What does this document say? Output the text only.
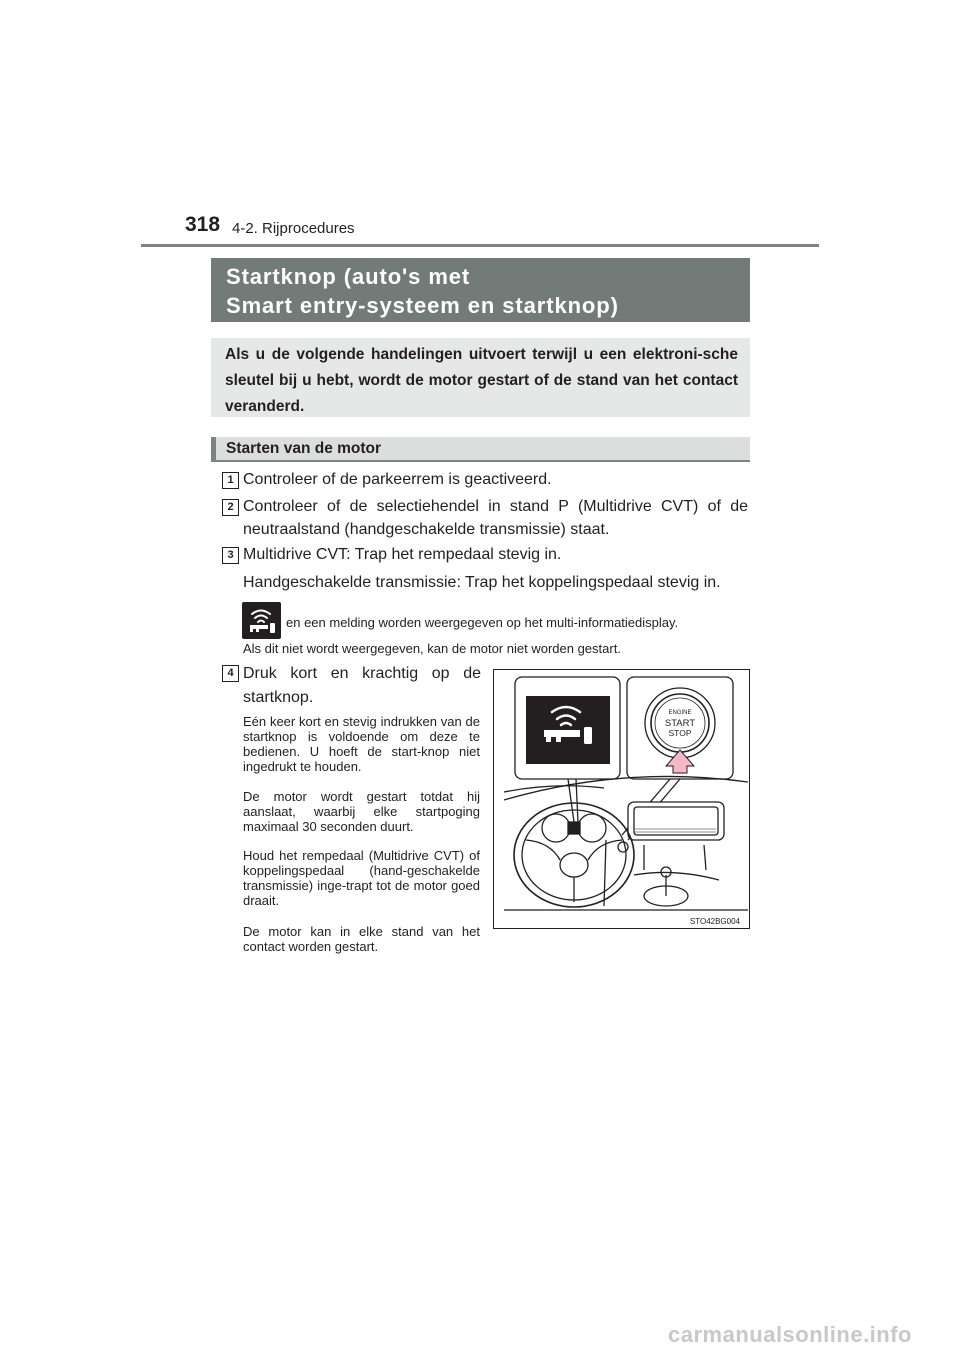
318 4-2. Rijprocedures
Startknop (auto's met
Smart entry-systeem en startknop)
Als u de volgende handelingen uitvoert terwijl u een elektroni-sche sleutel bij u hebt, wordt de motor gestart of de stand van het contact veranderd.
Starten van de motor
1 Controleer of de parkeerrem is geactiveerd.
2 Controleer of de selectiehendel in stand P (Multidrive CVT) of de neutraalstand (handgeschakelde transmissie) staat.
3 Multidrive CVT: Trap het rempedaal stevig in.
Handgeschakelde transmissie: Trap het koppelingspedaal stevig in.
en een melding worden weergegeven op het multi-informatiedisplay.
Als dit niet wordt weergegeven, kan de motor niet worden gestart.
4 Druk kort en krachtig op de startknop.
Eén keer kort en stevig indrukken van de startknop is voldoende om deze te bedienen. U hoeft de start-knop niet ingedrukt te houden.
De motor wordt gestart totdat hij aanslaat, waarbij elke startpoging maximaal 30 seconden duurt.
Houd het rempedaal (Multidrive CVT) of koppelingspedaal (hand-geschakelde transmissie) inge-trapt tot de motor goed draait.
De motor kan in elke stand van het contact worden gestart.
ENGINE
START
STOP
STO42BG004
carmanualsonline.info
